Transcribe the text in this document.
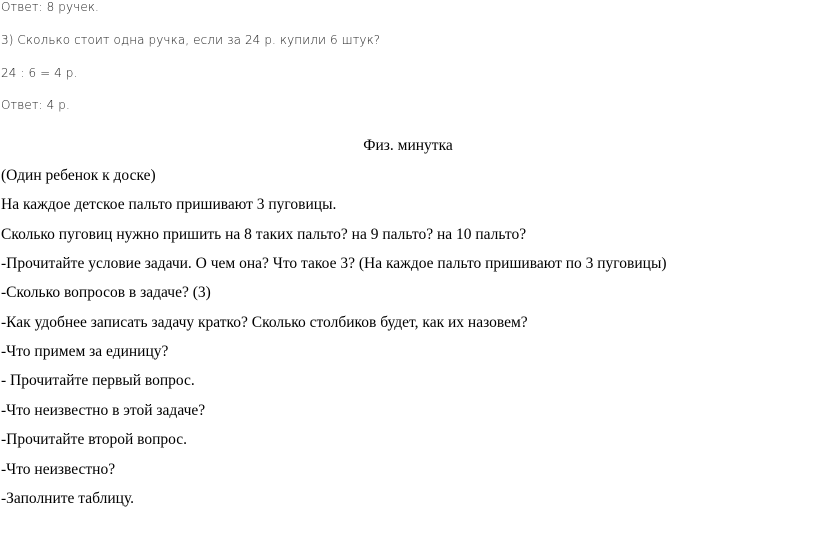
Ответ: 8 ручек.
3) Сколько стоит одна ручка, если за 24 р. купили 6 штук?
24 : 6 = 4 р.
Ответ: 4 р.
Физ. минутка
(Один ребенок к доске)
На каждое детское пальто пришивают 3 пуговицы.
Сколько пуговиц нужно пришить на 8 таких пальто? на 9 пальто? на 10 пальто?
-Прочитайте условие задачи. О чем она? Что такое 3? (На каждое пальто пришивают по 3 пуговицы)
-Сколько вопросов в задаче? (3)
-Как удобнее записать задачу кратко? Сколько столбиков будет, как их назовем?
-Что примем за единицу?
- Прочитайте первый вопрос.
-Что неизвестно в этой задаче?
-Прочитайте второй вопрос.
-Что неизвестно?
-Заполните таблицу.
